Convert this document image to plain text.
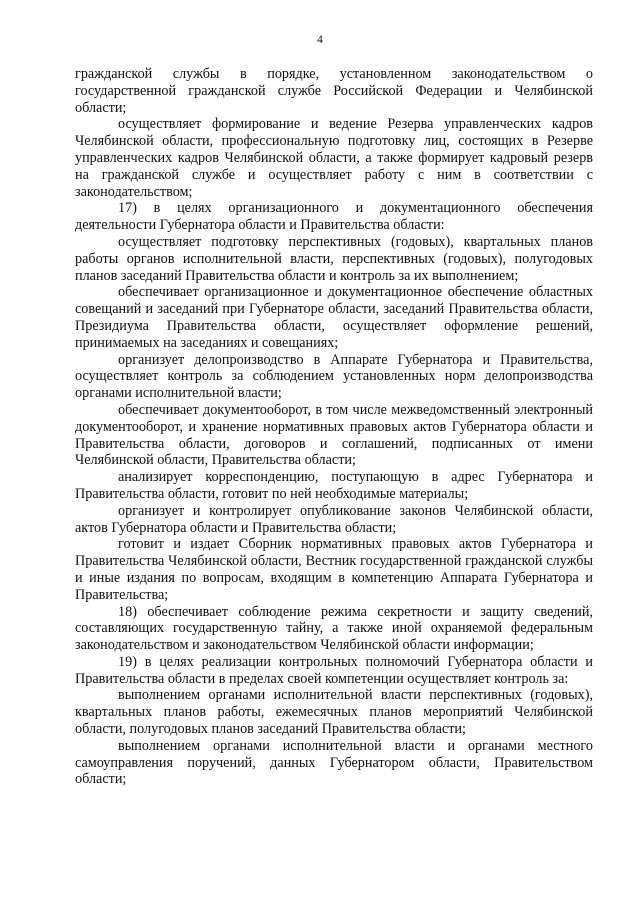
4

гражданской службы в порядке, установленном законодательством о государственной гражданской службе Российской Федерации и Челябинской области;

осуществляет формирование и ведение Резерва управленческих кадров Челябинской области, профессиональную подготовку лиц, состоящих в Резерве управленческих кадров Челябинской области, а также формирует кадровый резерв на гражданской службе и осуществляет работу с ним в соответствии с законодательством;

17) в целях организационного и документационного обеспечения деятельности Губернатора области и Правительства области:

осуществляет подготовку перспективных (годовых), квартальных планов работы органов исполнительной власти, перспективных (годовых), полугодовых планов заседаний Правительства области и контроль за их выполнением;

обеспечивает организационное и документационное обеспечение областных совещаний и заседаний при Губернаторе области, заседаний Правительства области, Президиума Правительства области, осуществляет оформление решений, принимаемых на заседаниях и совещаниях;

организует делопроизводство в Аппарате Губернатора и Правительства, осуществляет контроль за соблюдением установленных норм делопроизводства органами исполнительной власти;

обеспечивает документооборот, в том числе межведомственный электронный документооборот, и хранение нормативных правовых актов Губернатора области и Правительства области, договоров и соглашений, подписанных от имени Челябинской области, Правительства области;

анализирует корреспонденцию, поступающую в адрес Губернатора и Правительства области, готовит по ней необходимые материалы;

организует и контролирует опубликование законов Челябинской области, актов Губернатора области и Правительства области;

готовит и издает Сборник нормативных правовых актов Губернатора и Правительства Челябинской области, Вестник государственной гражданской службы и иные издания по вопросам, входящим в компетенцию Аппарата Губернатора и Правительства;

18) обеспечивает соблюдение режима секретности и защиту сведений, составляющих государственную тайну, а также иной охраняемой федеральным законодательством и законодательством Челябинской области информации;

19) в целях реализации контрольных полномочий Губернатора области и Правительства области в пределах своей компетенции осуществляет контроль за:

выполнением органами исполнительной власти перспективных (годовых), квартальных планов работы, ежемесячных планов мероприятий Челябинской области, полугодовых планов заседаний Правительства области;

выполнением органами исполнительной власти и органами местного самоуправления поручений, данных Губернатором области, Правительством области;
